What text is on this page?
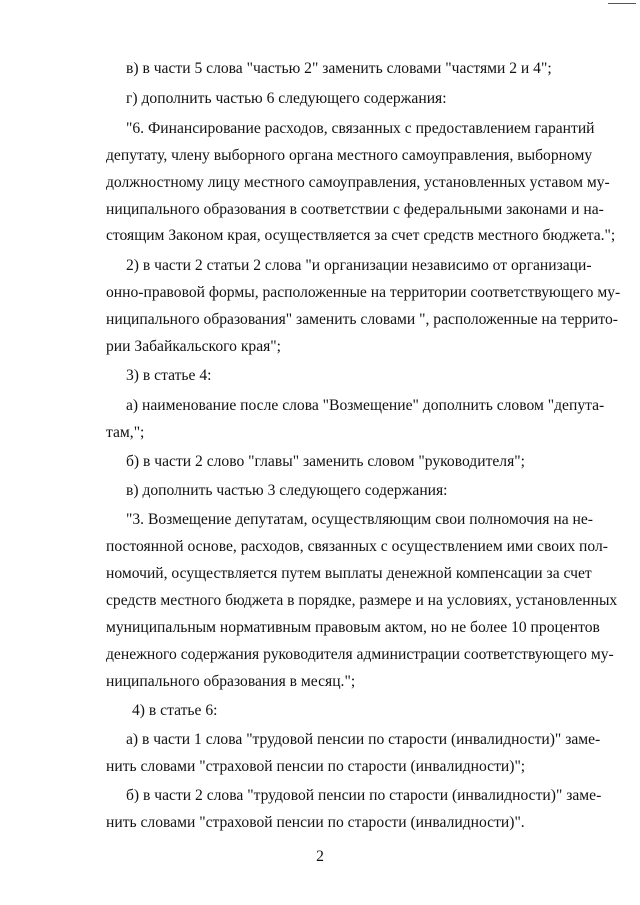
в) в части 5 слова "частью 2" заменить словами "частями 2 и 4";
г) дополнить частью 6 следующего содержания:
"6. Финансирование расходов, связанных с предоставлением гарантий
депутату, члену выборного органа местного самоуправления, выборному
должностному лицу местного самоуправления, установленных уставом му-
ниципального образования в соответствии с федеральными законами и на-
стоящим Законом края, осуществляется за счет средств местного бюджета.";
2) в части 2 статьи 2 слова "и организации независимо от организаци-
онно-правовой формы, расположенные на территории соответствующего му-
ниципального образования" заменить словами ", расположенные на террито-
рии Забайкальского края";
3) в статье 4:
а) наименование после слова "Возмещение" дополнить словом "депута-
там,";
б) в части 2 слово "главы" заменить словом "руководителя";
в) дополнить частью 3 следующего содержания:
"3. Возмещение депутатам, осуществляющим свои полномочия на не-
постоянной основе, расходов, связанных с осуществлением ими своих пол-
номочий, осуществляется путем выплаты денежной компенсации за счет
средств местного бюджета в порядке, размере и на условиях, установленных
муниципальным нормативным правовым актом, но не более 10 процентов
денежного содержания руководителя администрации соответствующего му-
ниципального образования в месяц.";
4) в статье 6:
а) в части 1 слова "трудовой пенсии по старости (инвалидности)" заме-
нить словами "страховой пенсии по старости (инвалидности)";
б) в части 2 слова "трудовой пенсии по старости (инвалидности)" заме-
нить словами "страховой пенсии по старости (инвалидности)".
2
